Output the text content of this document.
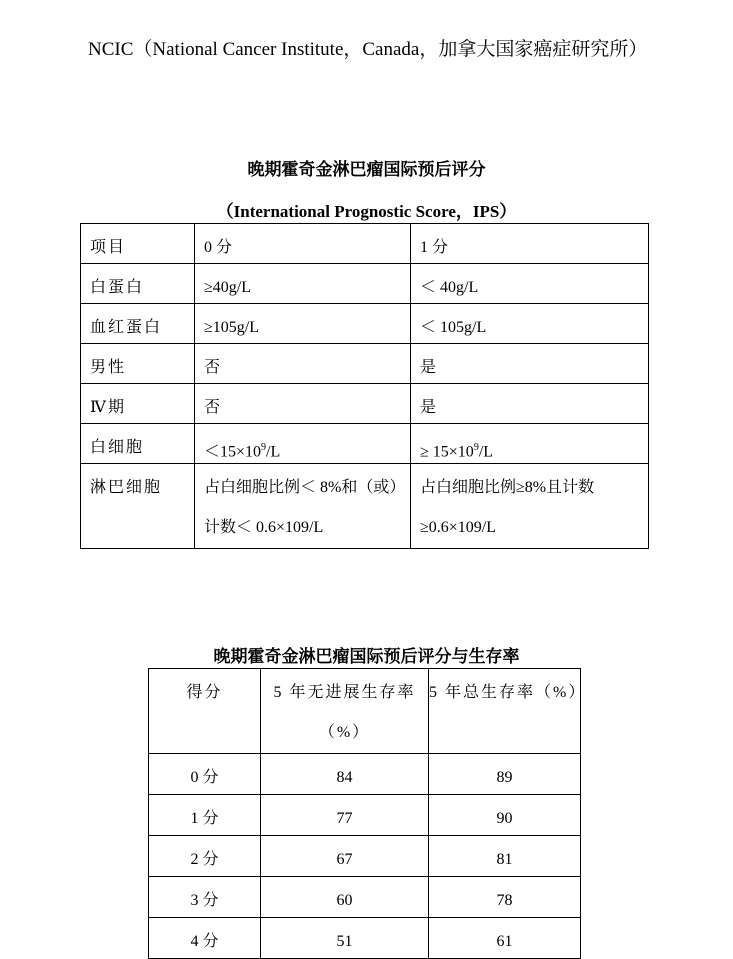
NCIC（National Cancer Institute，Canada，加拿大国家癌症研究所）

晚期霍奇金淋巴瘤国际预后评分

（International Prognostic Score，IPS）

项目	0 分	1 分
白蛋白	≥40g/L	＜ 40g/L
血红蛋白	≥105g/L	＜ 105g/L
男性	否	是
Ⅳ期	否	是
白细胞	$<15\times 10^9/L$	≥ $15\times 10^9/L$
淋巴细胞	占白细胞比例＜ 8%和（或）计数＜ 0.6×109/L	占白细胞比例≥8%且计数≥0.6×109/L

晚期霍奇金淋巴瘤国际预后评分与生存率

得分	5 年无进展生存率（%）	5 年总生存率（%）
0 分	84	89
1 分	77	90
2 分	67	81
3 分	60	78
4 分	51	61
